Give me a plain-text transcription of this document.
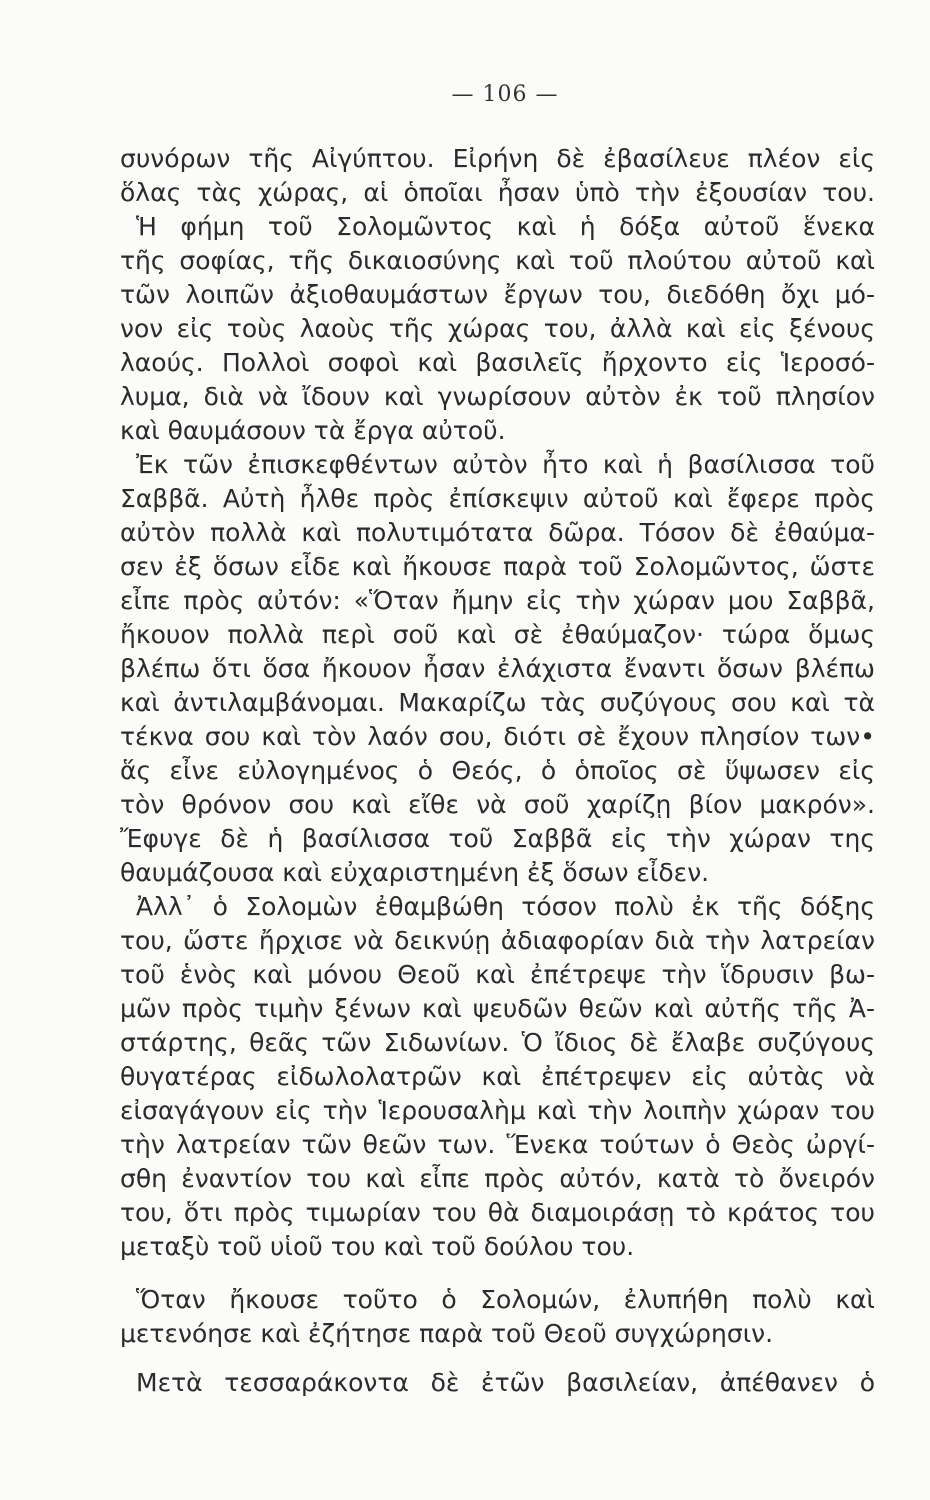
— 106 —
συνόρων τῆς Αἰγύπτου. Εἰρήνη δὲ ἐβασίλευε πλέον εἰς
ὅλας τὰς χώρας, αἱ ὁποῖαι ἦσαν ὑπὸ τὴν ἐξουσίαν του.
Ἡ φήμη τοῦ Σολομῶντος καὶ ἡ δόξα αὐτοῦ ἕνεκα
τῆς σοφίας, τῆς δικαιοσύνης καὶ τοῦ πλούτου αὐτοῦ καὶ
τῶν λοιπῶν ἀξιοθαυμάστων ἔργων του, διεδόθη ὄχι μό-
νον εἰς τοὺς λαοὺς τῆς χώρας του, ἀλλὰ καὶ εἰς ξένους
λαούς. Πολλοὶ σοφοὶ καὶ βασιλεῖς ἤρχοντο εἰς Ἱεροσό-
λυμα, διὰ νὰ ἴδουν καὶ γνωρίσουν αὐτὸν ἐκ τοῦ πλησίον
καὶ θαυμάσουν τὰ ἔργα αὐτοῦ.
Ἐκ τῶν ἐπισκεφθέντων αὐτὸν ἦτο καὶ ἡ βασίλισσα τοῦ
Σαββᾶ. Αὐτὴ ἦλθε πρὸς ἐπίσκεψιν αὐτοῦ καὶ ἔφερε πρὸς
αὐτὸν πολλὰ καὶ πολυτιμότατα δῶρα. Τόσον δὲ ἐθαύμα-
σεν ἐξ ὅσων εἶδε καὶ ἤκουσε παρὰ τοῦ Σολομῶντος, ὥστε
εἶπε πρὸς αὐτόν: «Ὅταν ἤμην εἰς τὴν χώραν μου Σαββᾶ,
ἤκουον πολλὰ περὶ σοῦ καὶ σὲ ἐθαύμαζον· τώρα ὅμως
βλέπω ὅτι ὅσα ἤκουον ἦσαν ἐλάχιστα ἔναντι ὅσων βλέπω
καὶ ἀντιλαμβάνομαι. Μακαρίζω τὰς συζύγους σου καὶ τὰ
τέκνα σου καὶ τὸν λαόν σου, διότι σὲ ἔχουν πλησίον των•
ἅς εἶνε εὐλογημένος ὁ Θεός, ὁ ὁποῖος σὲ ὕψωσεν εἰς
τὸν θρόνον σου καὶ εἴθε νὰ σοῦ χαρίζῃ βίον μακρόν».
Ἔφυγε δὲ ἡ βασίλισσα τοῦ Σαββᾶ εἰς τὴν χώραν της
θαυμάζουσα καὶ εὐχαριστημένη ἐξ ὅσων εἶδεν.
Ἀλλ᾽ ὁ Σολομὼν ἐθαμβώθη τόσον πολὺ ἐκ τῆς δόξης
του, ὥστε ἤρχισε νὰ δεικνύῃ ἀδιαφορίαν διὰ τὴν λατρείαν
τοῦ ἑνὸς καὶ μόνου Θεοῦ καὶ ἐπέτρεψε τὴν ἵδρυσιν βω-
μῶν πρὸς τιμὴν ξένων καὶ ψευδῶν θεῶν καὶ αὐτῆς τῆς Ἀ-
στάρτης, θεᾶς τῶν Σιδωνίων. Ὁ ἴδιος δὲ ἔλαβε συζύγους
θυγατέρας εἰδωλολατρῶν καὶ ἐπέτρεψεν εἰς αὐτὰς νὰ
εἰσαγάγουν εἰς τὴν Ἱερουσαλὴμ καὶ τὴν λοιπὴν χώραν του
τὴν λατρείαν τῶν θεῶν των. Ἕνεκα τούτων ὁ Θεὸς ὠργί-
σθη ἐναντίον του καὶ εἶπε πρὸς αὐτόν, κατὰ τὸ ὄνειρόν
του, ὅτι πρὸς τιμωρίαν του θὰ διαμοιράσῃ τὸ κράτος του
μεταξὺ τοῦ υἱοῦ του καὶ τοῦ δούλου του.
Ὅταν ἤκουσε τοῦτο ὁ Σολομών, ἐλυπήθη πολὺ καὶ
μετενόησε καὶ ἐζήτησε παρὰ τοῦ Θεοῦ συγχώρησιν.
Μετὰ τεσσαράκοντα δὲ ἐτῶν βασιλείαν, ἀπέθανεν ὁ
